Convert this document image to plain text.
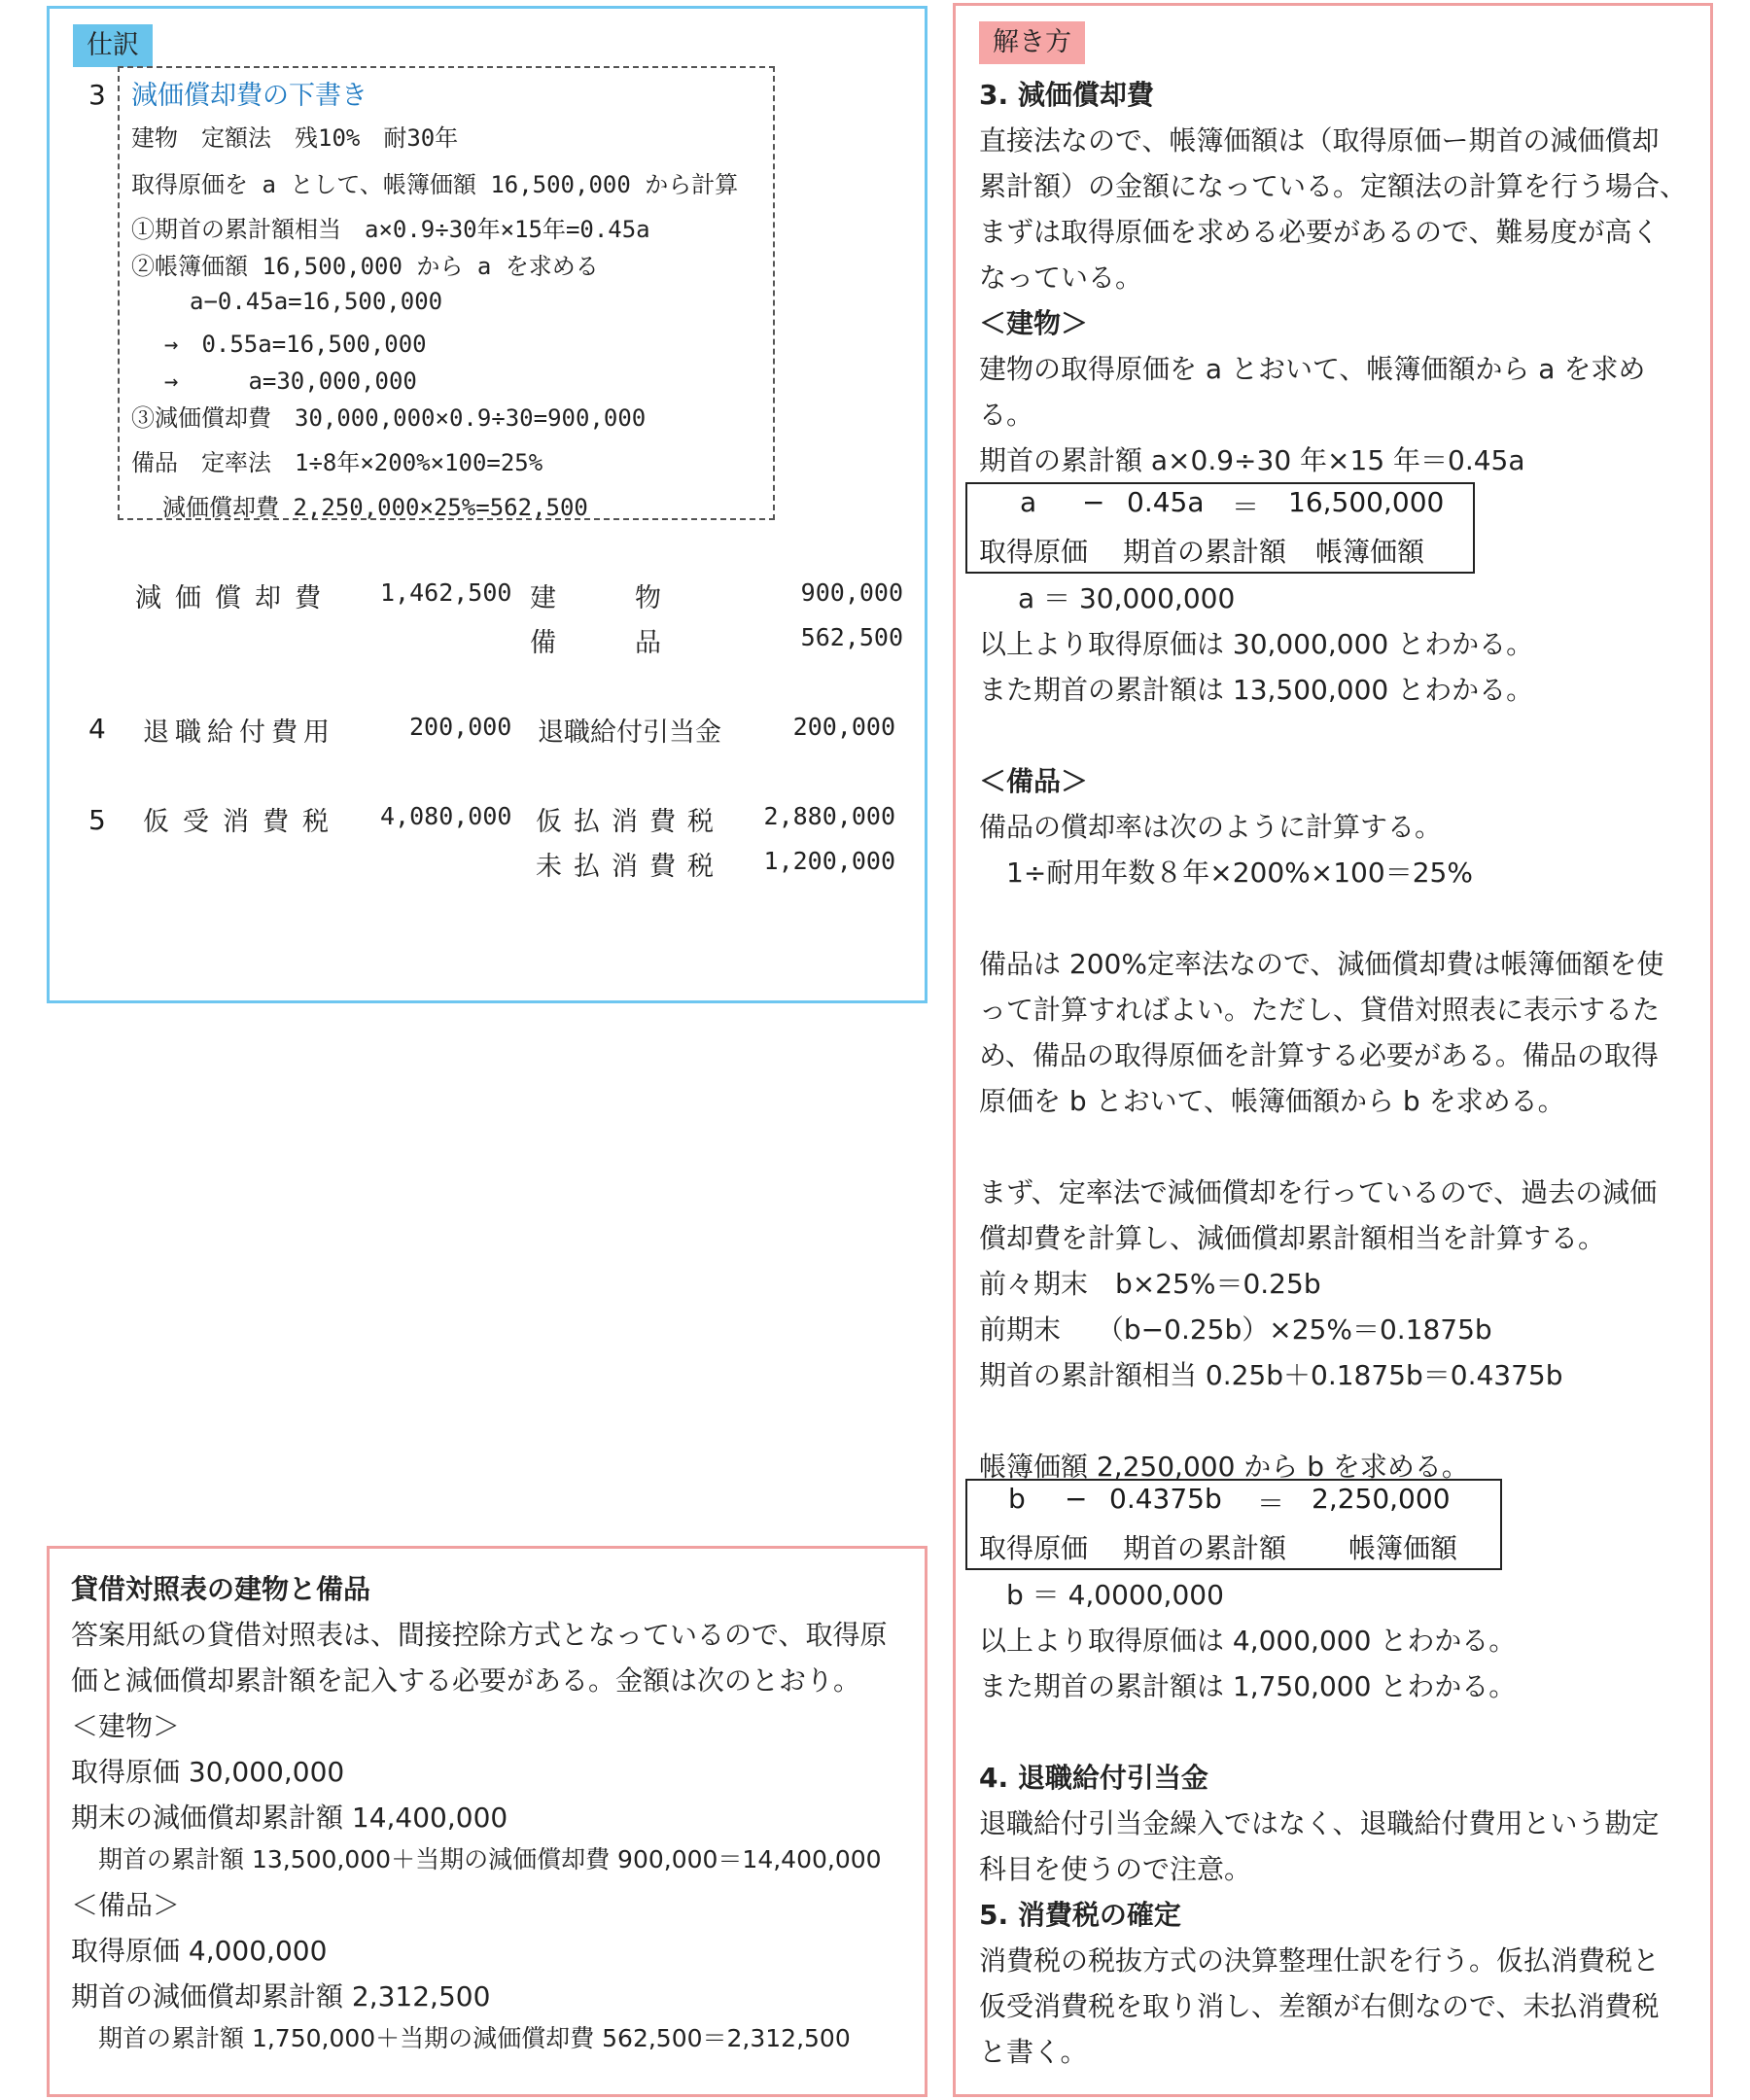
仕訳
3 減価償却費の下書き
建物　定額法　残10%　耐30年
取得原価を a として、帳簿価額 16,500,000 から計算
①期首の累計額相当　a×0.9÷30年×15年=0.45a
②帳簿価額 16,500,000 から a を求める
a−0.45a=16,500,000
→　0.55a=16,500,000
→　　　a=30,000,000
③減価償却費　30,000,000×0.9÷30=900,000
備品　定率法　1÷8年×200%×100=25%
減価償却費 2,250,000×25%=562,500
減価償却費 1,462,500 建　　　物	900,000
備　　　品	562,500
4 退職給付費用	200,000 退職給付引当金	200,000
5 仮受消費税 4,080,000 仮払消費税 2,880,000
未払消費税 1,200,000
解き方
3. 減価償却費
直接法なので、帳簿価額は（取得原価ー期首の減価償却
累計額）の金額になっている。定額法の計算を行う場合、
まずは取得原価を求める必要があるので、難易度が高く
なっている。
＜建物＞
建物の取得原価を a とおいて、帳簿価額から a を求め
る。
期首の累計額 a×0.9÷30 年×15 年＝0.45a
a − 0.45a ＝ 16,500,000
取得原価 期首の累計額 帳簿価額
a ＝ 30,000,000
以上より取得原価は 30,000,000 とわかる。
また期首の累計額は 13,500,000 とわかる。
＜備品＞
備品の償却率は次のように計算する。
1÷耐用年数８年×200%×100＝25%
備品は 200%定率法なので、減価償却費は帳簿価額を使
って計算すればよい。ただし、貸借対照表に表示するた
め、備品の取得原価を計算する必要がある。備品の取得
原価を b とおいて、帳簿価額から b を求める。
まず、定率法で減価償却を行っているので、過去の減価
償却費を計算し、減価償却累計額相当を計算する。
前々期末　b×25%＝0.25b
前期末　 （b−0.25b）×25%＝0.1875b
期首の累計額相当 0.25b＋0.1875b＝0.4375b
帳簿価額 2,250,000 から b を求める。
b − 0.4375b ＝ 2,250,000
取得原価 期首の累計額 帳簿価額
b ＝ 4,0000,000
以上より取得原価は 4,000,000 とわかる。
また期首の累計額は 1,750,000 とわかる。
4. 退職給付引当金
退職給付引当金繰入ではなく、退職給付費用という勘定
科目を使うので注意。
5. 消費税の確定
消費税の税抜方式の決算整理仕訳を行う。仮払消費税と
仮受消費税を取り消し、差額が右側なので、未払消費税
と書く。
貸借対照表の建物と備品
答案用紙の貸借対照表は、間接控除方式となっているので、取得原
価と減価償却累計額を記入する必要がある。金額は次のとおり。
＜建物＞
取得原価 30,000,000
期末の減価償却累計額 14,400,000
期首の累計額 13,500,000＋当期の減価償却費 900,000＝14,400,000
＜備品＞
取得原価 4,000,000
期首の減価償却累計額 2,312,500
期首の累計額 1,750,000＋当期の減価償却費 562,500＝2,312,500
